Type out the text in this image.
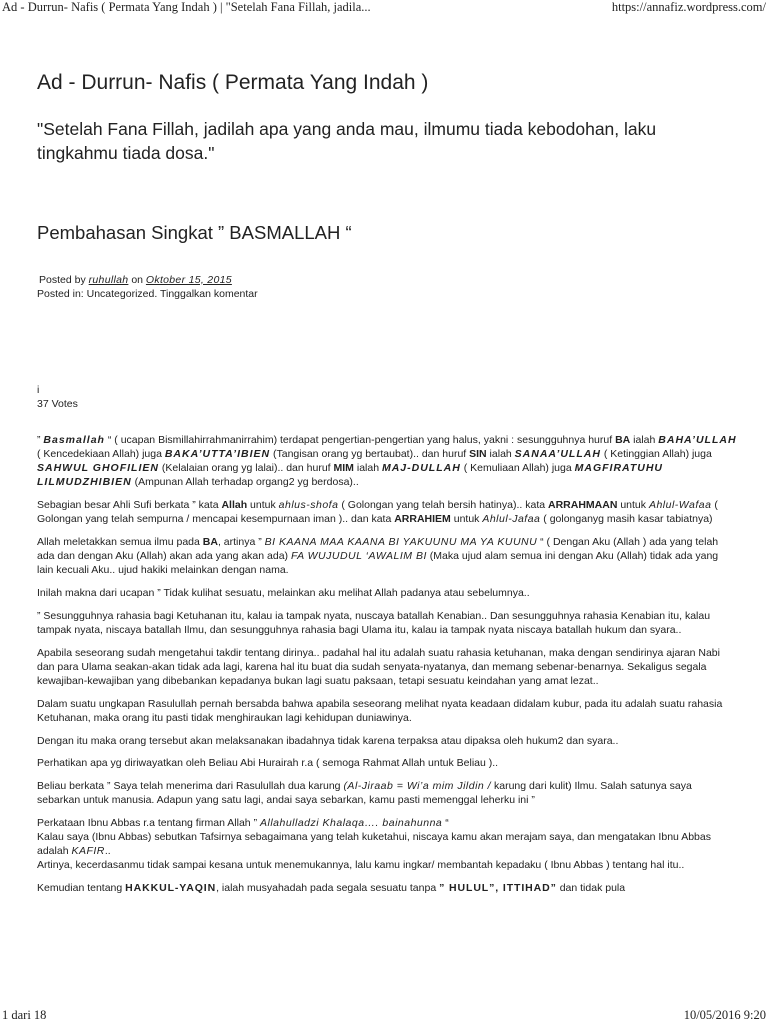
Ad - Durrun- Nafis ( Permata Yang Indah ) | "Setelah Fana Fillah, jadila...	https://annafiz.wordpress.com/
Ad - Durrun- Nafis ( Permata Yang Indah )
"Setelah Fana Fillah, jadilah apa yang anda mau, ilmumu tiada kebodohan, laku tingkahmu tiada dosa."
Pembahasan Singkat ” BASMALLAH “
Posted by ruhullah on Oktober 15, 2015
Posted in: Uncategorized. Tinggalkan komentar
i
37 Votes

” Basmallah “ ( ucapan Bismillahirrahmanirrahim) terdapat pengertian-pengertian yang halus, yakni : sesungguhnya huruf BA ialah BAHA’ULLAH ( Kencedekiaan Allah) juga BAKA’UTTA’IBIEN (Tangisan orang yg bertaubat).. dan huruf SIN ialah SANAA’ULLAH ( Ketinggian Allah) juga SAHWUL GHOFILIEN (Kelalaian orang yg lalai).. dan huruf MIM ialah MAJ-DULLAH ( Kemuliaan Allah) juga MAGFIRATUHU LILMUDZHIBIEN (Ampunan Allah terhadap organg2 yg berdosa)..

Sebagian besar Ahli Sufi berkata ” kata Allah untuk ahlus-shofa ( Golongan yang telah bersih hatinya).. kata ARRAHMAAN untuk Ahlul-Wafaa ( Golongan yang telah sempurna / mencapai kesempurnaan iman ).. dan kata ARRAHIEM untuk Ahlul-Jafaa ( golonganyg masih kasar tabiatnya)

Allah meletakkan semua ilmu pada BA, artinya ” BI KAANA MAA KAANA BI YAKUUNU MA YA KUUNU “ ( Dengan Aku (Allah ) ada yang telah ada dan dengan Aku (Allah) akan ada yang akan ada) FA WUJUDUL ‘AWALIM BI (Maka ujud alam semua ini dengan Aku (Allah) tidak ada yang lain kecuali Aku.. ujud hakiki melainkan dengan nama.

Inilah makna dari ucapan ” Tidak kulihat sesuatu, melainkan aku melihat Allah padanya atau sebelumnya..

” Sesungguhnya rahasia bagi Ketuhanan itu, kalau ia tampak nyata, nuscaya batallah Kenabian.. Dan sesungguhnya rahasia Kenabian itu, kalau tampak nyata, niscaya batallah Ilmu, dan sesungguhnya rahasia bagi Ulama itu, kalau ia tampak nyata niscaya batallah hukum dan syara..

Apabila seseorang sudah mengetahui takdir tentang dirinya.. padahal hal itu adalah suatu rahasia ketuhanan, maka dengan sendirinya ajaran Nabi dan para Ulama seakan-akan tidak ada lagi, karena hal itu buat dia sudah senyata-nyatanya, dan memang sebenar-benarnya. Sekaligus segala kewajiban-kewajiban yang dibebankan kepadanya bukan lagi suatu paksaan, tetapi sesuatu keindahan yang amat lezat..

Dalam suatu ungkapan Rasulullah pernah bersabda bahwa apabila seseorang melihat nyata keadaan didalam kubur, pada itu adalah suatu rahasia Ketuhanan, maka orang itu pasti tidak menghiraukan lagi kehidupan duniawinya.

Dengan itu maka orang tersebut akan melaksanakan ibadahnya tidak karena terpaksa atau dipaksa oleh hukum2 dan syara..

Perhatikan apa yg diriwayatkan oleh Beliau Abi Hurairah r.a ( semoga Rahmat Allah untuk Beliau )..

Beliau berkata ” Saya telah menerima dari Rasulullah dua karung (Al-Jiraab = Wi’a mim Jildin / karung dari kulit) Ilmu. Salah satunya saya sebarkan untuk manusia. Adapun yang satu lagi, andai saya sebarkan, kamu pasti memenggal leherku ini ”

Perkataan Ibnu Abbas r.a tentang firman Allah ” Allahulladzi Khalaqa…. bainahunna “
Kalau saya (Ibnu Abbas) sebutkan Tafsirnya sebagaimana yang telah kuketahui, niscaya kamu akan merajam saya, dan mengatakan Ibnu Abbas adalah KAFIR..
Artinya, kecerdasanmu tidak sampai kesana untuk menemukannya, lalu kamu ingkar/ membantah kepadaku ( Ibnu Abbas ) tentang hal itu..

Kemudian tentang HAKKUL-YAQIN, ialah musyahadah pada segala sesuatu tanpa ” HULUL”, ITTIHAD” dan tidak pula

1 dari 18	10/05/2016 9:20
